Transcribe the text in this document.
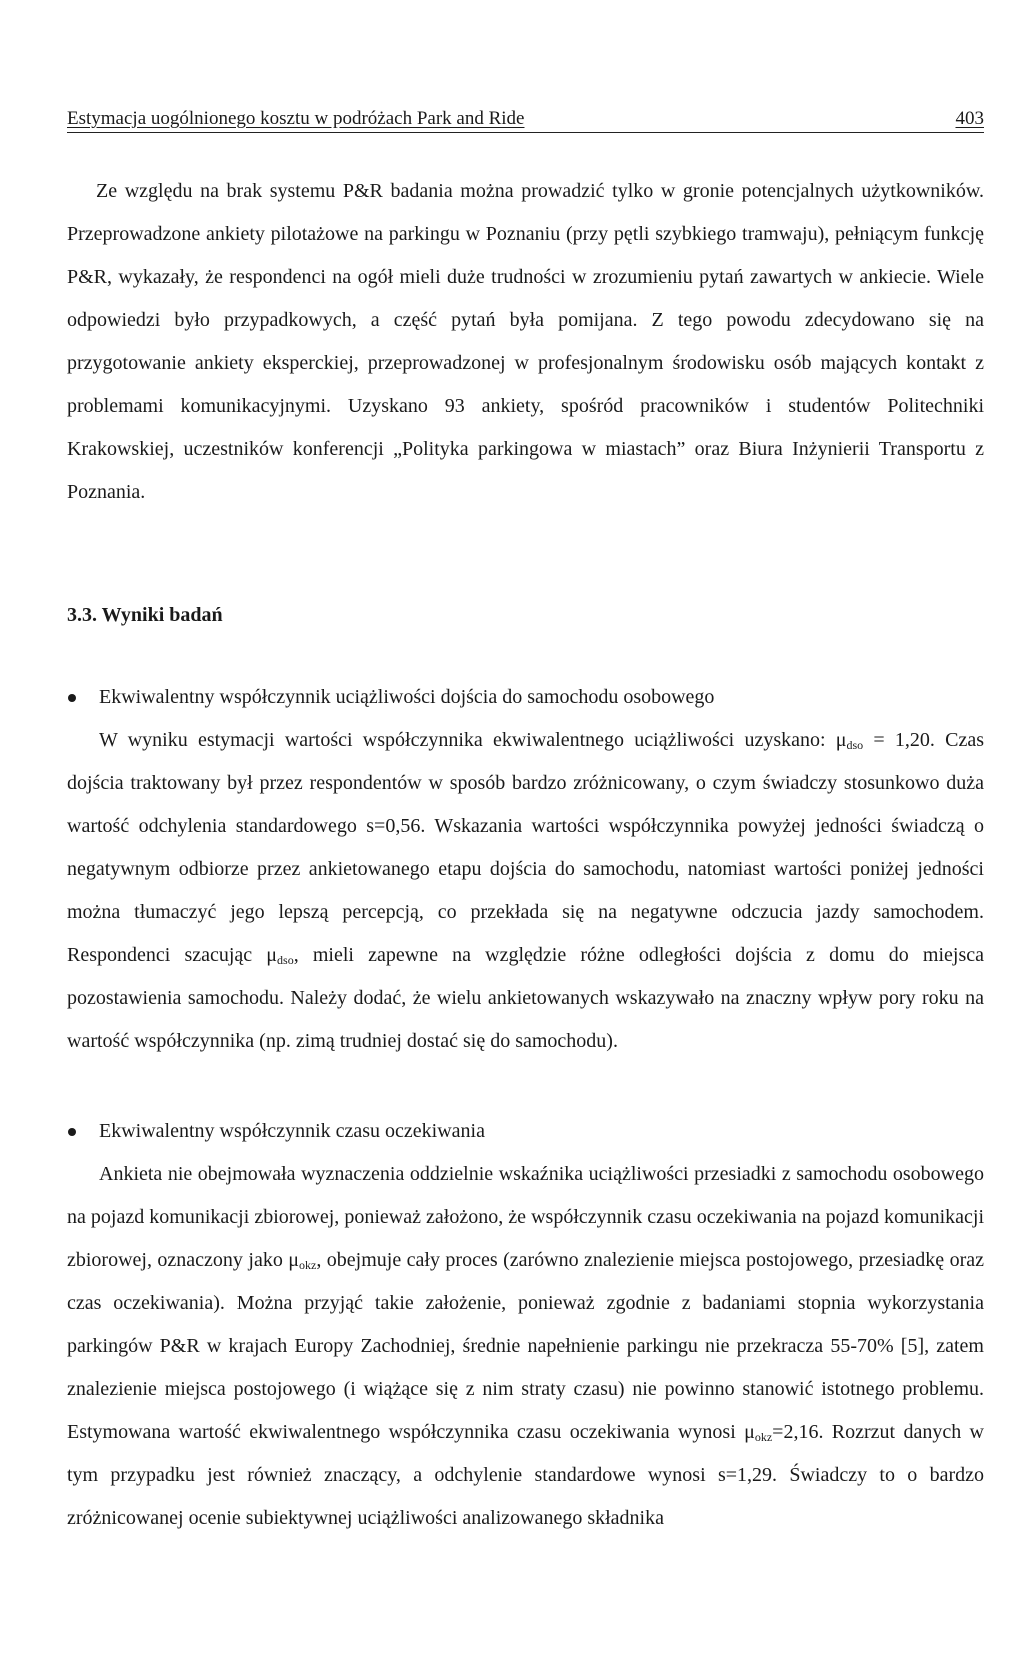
Estymacja uogólnionego kosztu w podróżach Park and Ride	403

Ze względu na brak systemu P&R badania można prowadzić tylko w gronie potencjalnych użytkowników. Przeprowadzone ankiety pilotażowe na parkingu w Poznaniu (przy pętli szybkiego tramwaju), pełniącym funkcję P&R, wykazały, że respondenci na ogół mieli duże trudności w zrozumieniu pytań zawartych w ankiecie. Wiele odpowiedzi było przypadkowych, a część pytań była pomijana. Z tego powodu zdecydowano się na przygotowanie ankiety eksperckiej, przeprowadzonej w profesjonalnym środowisku osób mających kontakt z problemami komunikacyjnymi. Uzyskano 93 ankiety, spośród pracowników i studentów Politechniki Krakowskiej, uczestników konferencji „Polityka parkingowa w miastach” oraz Biura Inżynierii Transportu z Poznania.

3.3. Wyniki badań

Ekwiwalentny współczynnik uciążliwości dojścia do samochodu osobowego

W wyniku estymacji wartości współczynnika ekwiwalentnego uciążliwości uzyskano: $\mu_{dso} = 1,20$. Czas dojścia traktowany był przez respondentów w sposób bardzo zróżnicowany, o czym świadczy stosunkowo duża wartość odchylenia standardowego s=0,56. Wskazania wartości współczynnika powyżej jedności świadczą o negatywnym odbiorze przez ankietowanego etapu dojścia do samochodu, natomiast wartości poniżej jedności można tłumaczyć jego lepszą percepcją, co przekłada się na negatywne odczucia jazdy samochodem. Respondenci szacując $\mu_{dso}$, mieli zapewne na względzie różne odległości dojścia z domu do miejsca pozostawienia samochodu. Należy dodać, że wielu ankietowanych wskazywało na znaczny wpływ pory roku na wartość współczynnika (np. zimą trudniej dostać się do samochodu).

Ekwiwalentny współczynnik czasu oczekiwania

Ankieta nie obejmowała wyznaczenia oddzielnie wskaźnika uciążliwości przesiadki z samochodu osobowego na pojazd komunikacji zbiorowej, ponieważ założono, że współczynnik czasu oczekiwania na pojazd komunikacji zbiorowej, oznaczony jako $\mu_{okz}$, obejmuje cały proces (zarówno znalezienie miejsca postojowego, przesiadkę oraz czas oczekiwania). Można przyjąć takie założenie, ponieważ zgodnie z badaniami stopnia wykorzystania parkingów P&R w krajach Europy Zachodniej, średnie napełnienie parkingu nie przekracza 55-70% [5], zatem znalezienie miejsca postojowego (i wiążące się z nim straty czasu) nie powinno stanowić istotnego problemu. Estymowana wartość ekwiwalentnego współczynnika czasu oczekiwania wynosi $\mu_{okz}=2,16$. Rozrzut danych w tym przypadku jest również znaczący, a odchylenie standardowe wynosi s=1,29. Świadczy to o bardzo zróżnicowanej ocenie subiektywnej uciążliwości analizowanego składnika
